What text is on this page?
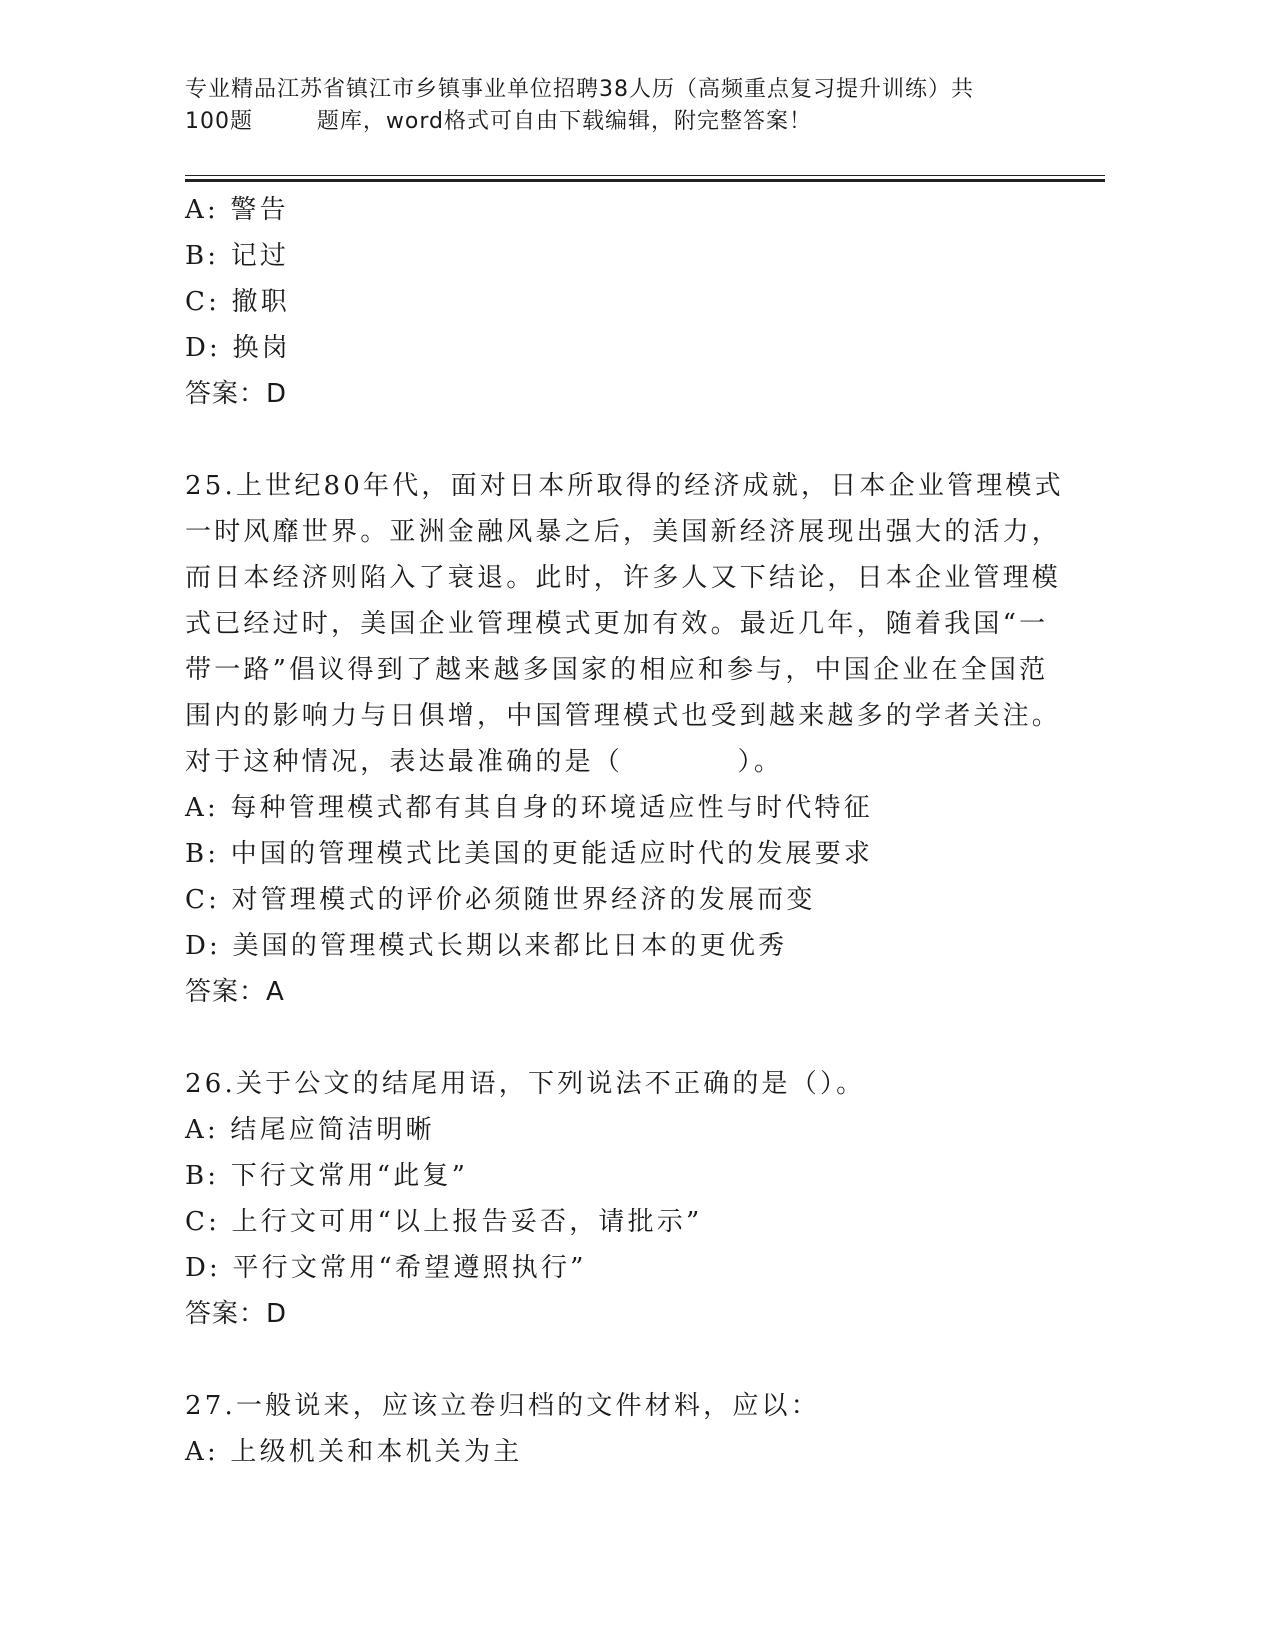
专业精品江苏省镇江市乡镇事业单位招聘38人历（高频重点复习提升训练）共
100题        题库，word格式可自由下载编辑，附完整答案！
A: 警告
B: 记过
C: 撤职
D: 换岗
答案：D
25.上世纪80年代，面对日本所取得的经济成就，日本企业管理模式
一时风靡世界。亚洲金融风暴之后，美国新经济展现出强大的活力，
而日本经济则陷入了衰退。此时，许多人又下结论，日本企业管理模
式已经过时，美国企业管理模式更加有效。最近几年，随着我国“一
带一路”倡议得到了越来越多国家的相应和参与，中国企业在全国范
围内的影响力与日俱增，中国管理模式也受到越来越多的学者关注。
对于这种情况，表达最准确的是（          ）。
A: 每种管理模式都有其自身的环境适应性与时代特征
B: 中国的管理模式比美国的更能适应时代的发展要求
C: 对管理模式的评价必须随世界经济的发展而变
D: 美国的管理模式长期以来都比日本的更优秀
答案：A
26.关于公文的结尾用语，下列说法不正确的是（）。
A: 结尾应简洁明晰
B: 下行文常用“此复”
C: 上行文可用“以上报告妥否，请批示”
D: 平行文常用“希望遵照执行”
答案：D
27.一般说来，应该立卷归档的文件材料，应以：
A: 上级机关和本机关为主
